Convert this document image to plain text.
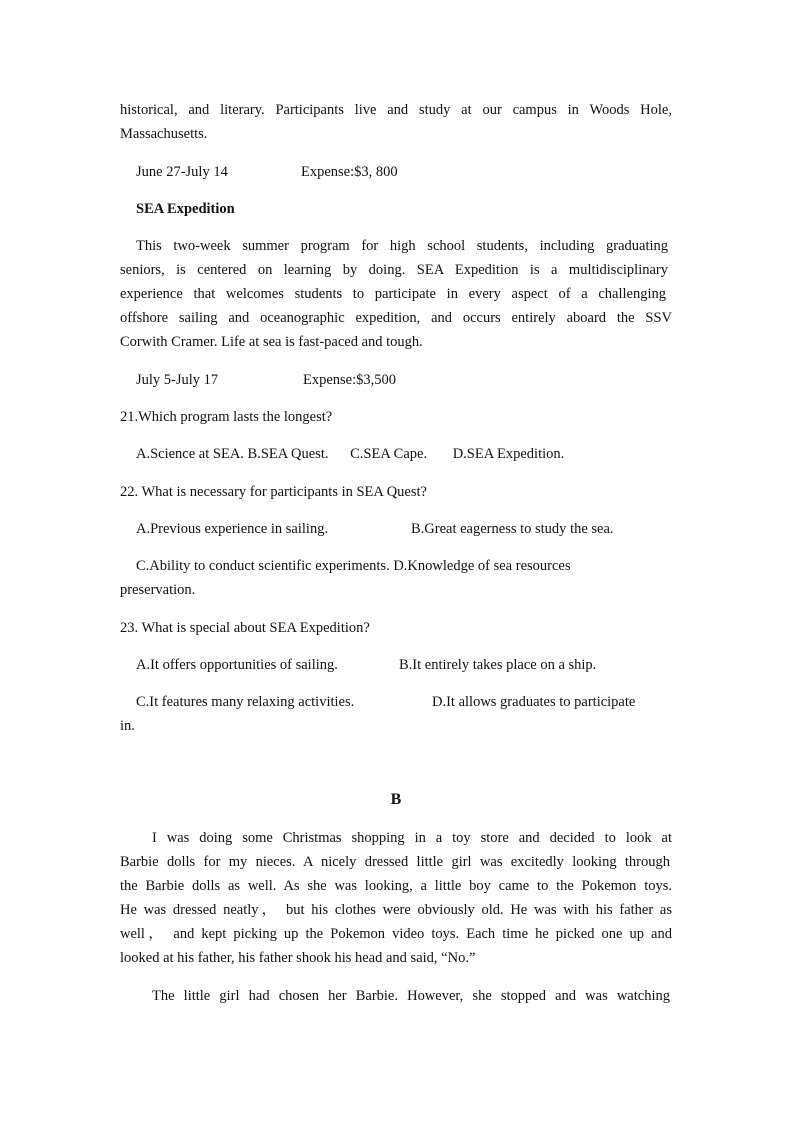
historical, and literary. Participants live and study at our campus in Woods Hole,
Massachusetts.
June 27-July 14	Expense:$3, 800
SEA Expedition
This two-week summer program for high school students, including graduating
seniors, is centered on learning by doing. SEA Expedition is a multidisciplinary
experience that welcomes students to participate in every aspect of a challenging
offshore sailing and oceanographic expedition, and occurs entirely aboard the SSV
Corwith Cramer. Life at sea is fast-paced and tough.
July 5-July 17	Expense:$3,500
21.Which program lasts the longest?
A.Science at SEA. B.SEA Quest. C.SEA Cape. D.SEA Expedition.
22. What is necessary for participants in SEA Quest?
A.Previous experience in sailing.	B.Great eagerness to study the sea.
C.Ability to conduct scientific experiments. D.Knowledge of sea resources
preservation.
23. What is special about SEA Expedition?
A.It offers opportunities of sailing.	B.It entirely takes place on a ship.
C.It features many relaxing activities.	D.It allows graduates to participate
in.
B
I was doing some Christmas shopping in a toy store and decided to look at
Barbie dolls for my nieces. A nicely dressed little girl was excitedly looking through
the Barbie dolls as well. As she was looking, a little boy came to the Pokemon toys.
He was dressed neatly， but his clothes were obviously old. He was with his father as
well， and kept picking up the Pokemon video toys. Each time he picked one up and
looked at his father, his father shook his head and said, “No.”
The little girl had chosen her Barbie. However, she stopped and was watching
